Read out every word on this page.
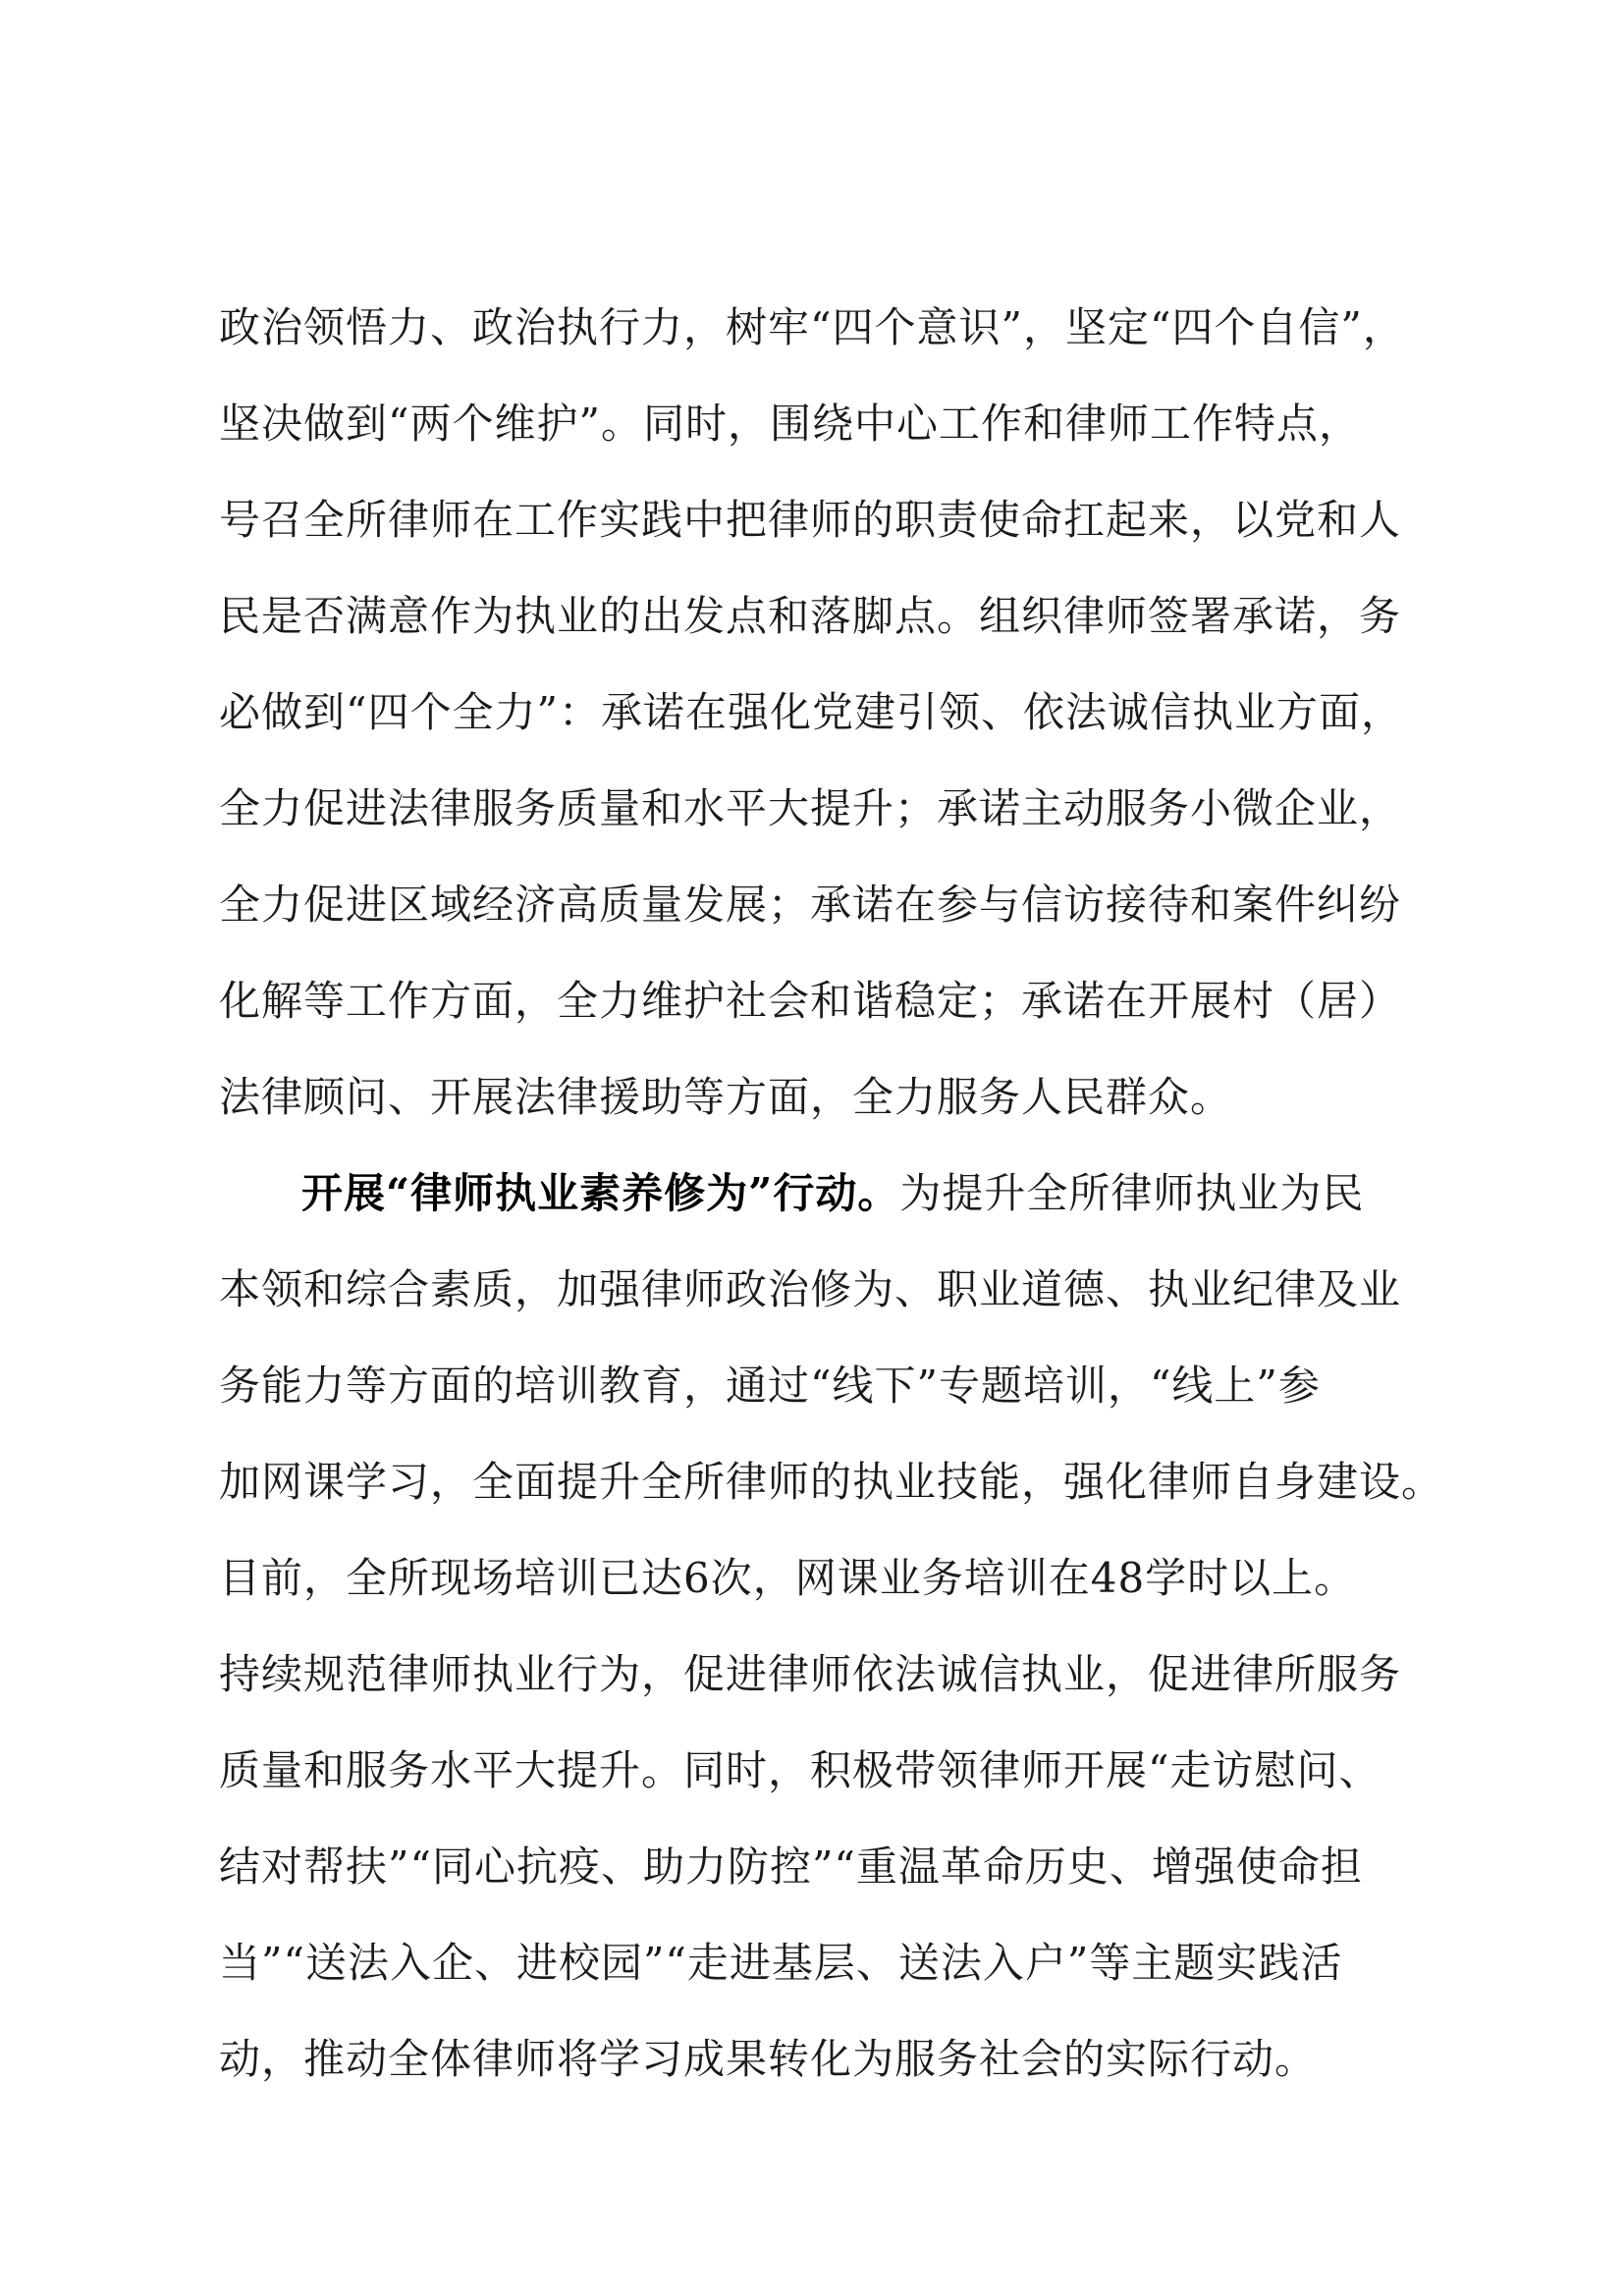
政治领悟力、政治执行力，树牢“四个意识”，坚定“四个自信”，
坚决做到“两个维护”。同时，围绕中心工作和律师工作特点，
号召全所律师在工作实践中把律师的职责使命扛起来，以党和人
民是否满意作为执业的出发点和落脚点。组织律师签署承诺，务
必做到“四个全力”：承诺在强化党建引领、依法诚信执业方面，
全力促进法律服务质量和水平大提升；承诺主动服务小微企业，
全力促进区域经济高质量发展；承诺在参与信访接待和案件纠纷
化解等工作方面，全力维护社会和谐稳定；承诺在开展村（居）
法律顾问、开展法律援助等方面，全力服务人民群众。
开展“律师执业素养修为”行动。为提升全所律师执业为民
本领和综合素质，加强律师政治修为、职业道德、执业纪律及业
务能力等方面的培训教育，通过“线下”专题培训，“线上”参
加网课学习，全面提升全所律师的执业技能，强化律师自身建设。
目前，全所现场培训已达6次，网课业务培训在48学时以上。
持续规范律师执业行为，促进律师依法诚信执业，促进律所服务
质量和服务水平大提升。同时，积极带领律师开展“走访慰问、
结对帮扶”“同心抗疫、助力防控”“重温革命历史、增强使命担
当”“送法入企、进校园”“走进基层、送法入户”等主题实践活
动，推动全体律师将学习成果转化为服务社会的实际行动。
